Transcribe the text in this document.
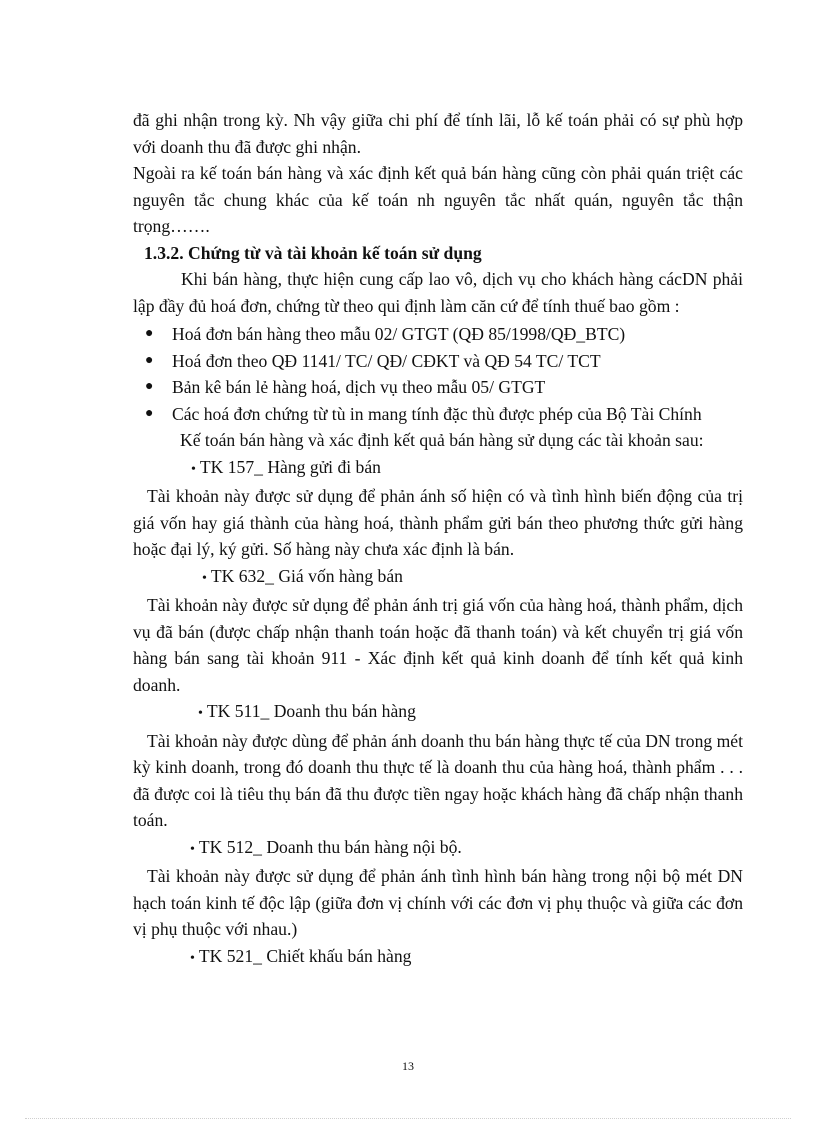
đã ghi nhận trong kỳ. Nh vậy giữa chi phí để tính lãi, lỗ kế toán phải có sự phù hợp với doanh thu đã được ghi nhận.

Ngoài ra kế toán bán hàng và xác định kết quả bán hàng cũng còn phải quán triệt các nguyên tắc chung khác của kế toán nh nguyên tắc nhất quán, nguyên tắc thận trọng…….

1.3.2. Chứng từ và tài khoản kế toán sử dụng

Khi bán hàng, thực hiện cung cấp lao vô, dịch vụ cho khách hàng cácDN phải lập đầy đủ hoá đơn, chứng từ theo qui định làm căn cứ để tính thuế bao gồm :

● Hoá đơn bán hàng theo mẫu 02/ GTGT (QĐ 85/1998/QĐ_BTC)
● Hoá đơn theo QĐ 1141/ TC/ QĐ/ CĐKT và QĐ 54 TC/ TCT
● Bản kê bán lẻ hàng hoá, dịch vụ theo mẫu 05/ GTGT
● Các hoá đơn chứng từ tù in mang tính đặc thù được phép của Bộ Tài Chính

Kế toán bán hàng và xác định kết quả bán hàng sử dụng các tài khoản sau:

• TK 157_ Hàng gửi đi bán

Tài khoản này được sử dụng để phản ánh số hiện có và tình hình biến động của trị giá vốn hay giá thành của hàng hoá, thành phẩm gửi bán theo phương thức gửi hàng hoặc đại lý, ký gửi. Số hàng này chưa xác định là bán.

• TK 632_ Giá vốn hàng bán

Tài khoản này được sử dụng để phản ánh trị giá vốn của hàng hoá, thành phẩm, dịch vụ đã bán (được chấp nhận thanh toán hoặc đã thanh toán) và kết chuyển trị giá vốn hàng bán sang tài khoản 911 - Xác định kết quả kinh doanh để tính kết quả kinh doanh.

• TK 511_ Doanh thu bán hàng

Tài khoản này được dùng để phản ánh doanh thu bán hàng thực tế của DN trong mét kỳ kinh doanh, trong đó doanh thu thực tế là doanh thu của hàng hoá, thành phẩm . . . đã được coi là tiêu thụ bán đã thu được tiền ngay hoặc khách hàng đã chấp nhận thanh toán.

• TK 512_ Doanh thu bán hàng nội bộ.

Tài khoản này được sử dụng để phản ánh tình hình bán hàng trong nội bộ mét DN hạch toán kinh tế độc lập (giữa đơn vị chính với các đơn vị phụ thuộc và giữa các đơn vị phụ thuộc với nhau.)

• TK 521_ Chiết khấu bán hàng

13
